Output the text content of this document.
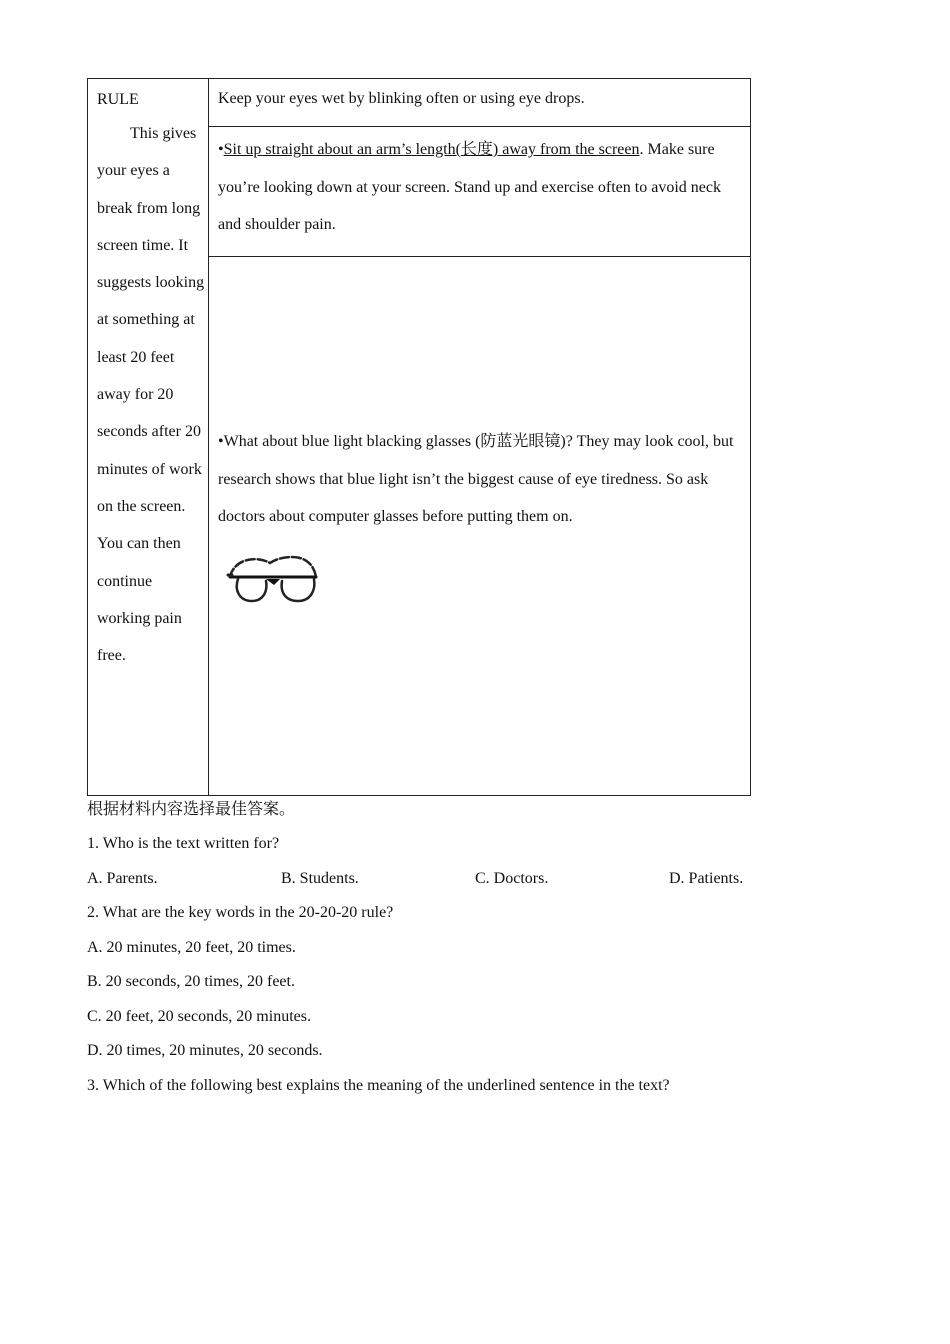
RULE
This gives your eyes a break from long screen time. It suggests looking at something at least 20 feet away for 20 seconds after 20 minutes of work on the screen. You can then continue working pain free.
Keep your eyes wet by blinking often or using eye drops.
•Sit up straight about an arm’s length(长度) away from the screen. Make sure you’re looking down at your screen. Stand up and exercise often to avoid neck and shoulder pain.
•What about blue light blacking glasses (防蓝光眼镜)? They may look cool, but research shows that blue light isn’t the biggest cause of eye tiredness. So ask doctors about computer glasses before putting them on.
根据材料内容选择最佳答案。
1. Who is the text written for?
A. Parents.	B. Students.	C. Doctors.	D. Patients.
2. What are the key words in the 20-20-20 rule?
A. 20 minutes, 20 feet, 20 times.
B. 20 seconds, 20 times, 20 feet.
C. 20 feet, 20 seconds, 20 minutes.
D. 20 times, 20 minutes, 20 seconds.
3. Which of the following best explains the meaning of the underlined sentence in the text?
